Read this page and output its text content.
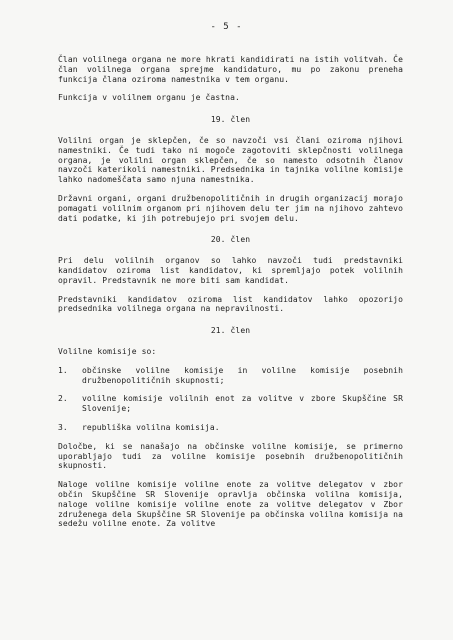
- 5 -

Član volilnega organa ne more hkrati kandidirati na istih volitvah. Če član volilnega organa sprejme kandidaturo, mu po zakonu preneha funkcija člana oziroma namestnika v tem organu.

Funkcija v volilnem organu je častna.

19. člen

Volilni organ je sklepčen, če so navzoči vsi člani oziroma njihovi namestniki. Če tudi tako ni mogoče zagotoviti sklepčnosti volilnega organa, je volilni organ sklepčen, če so namesto odsotnih članov navzoči katerikoli namestniki. Predsednika in tajnika volilne komisije lahko nadomeščata samo njuna namestnika.

Državni organi, organi družbenopolitičnih in drugih organizacij morajo pomagati volilnim organom pri njihovem delu ter jim na njihovo zahtevo dati podatke, ki jih potrebujejo pri svojem delu.

20. člen

Pri delu volilnih organov so lahko navzoči tudi predstavniki kandidatov oziroma list kandidatov, ki spremljajo potek volilnih opravil. Predstavnik ne more biti sam kandidat.

Predstavniki kandidatov oziroma list kandidatov lahko opozorijo predsednika volilnega organa na nepravilnosti.

21. člen

Volilne komisije so:

1.	občinske volilne komisije in volilne komisije posebnih družbenopolitičnih skupnosti;
2.	volilne komisije volilnih enot za volitve v zbore Skupščine SR Slovenije;
3.	republiška volilna komisija.

Določbe, ki se nanašajo na občinske volilne komisije, se primerno uporabljajo tudi za volilne komisije posebnih družbenopolitičnih skupnosti.

Naloge volilne komisije volilne enote za volitve delegatov v zbor občin Skupščine SR Slovenije opravlja občinska volilna komisija, naloge volilne komisije volilne enote za volitve delegatov v Zbor združenega dela Skupščine SR Slovenije pa občinska volilna komisija na sedežu volilne enote. Za volitve
